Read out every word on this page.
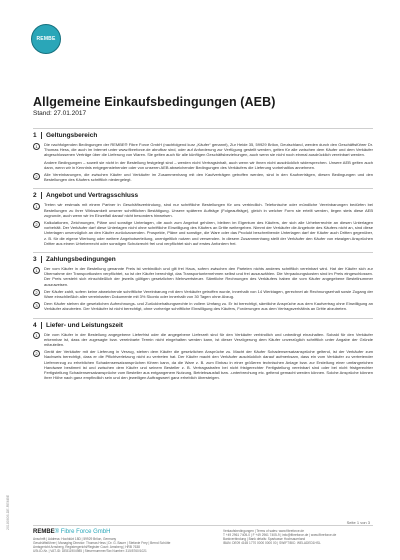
REMBE
20180606-DE-REMBE
Allgemeine Einkaufsbedingungen (AEB)
Stand: 27.01.2017
1	Geltungsbereich
1	Die nachfolgenden Bedingungen der REMBE® Fibre Force GmbH (nachfolgend kurz „Käufer“ genannt), Zur Heide 35, 59929 Brilon, Deutschland, werden durch den Geschäftsführer Dr. Thomas Hess, die auch im Internet unter www.fibreforce.de abrufbar sind, oder auf Anforderung zur Verfügung gestellt werden, gelten für alle zwischen dem Käufer und dem Verkäufer abgeschlossenen Verträge über die Lieferung von Waren. Sie gelten auch für alle künftigen Geschäftsbeziehungen, auch wenn sie nicht noch einmal ausdrücklich vereinbart werden.
Andere Bedingungen – soweit sie nicht in der Bestellung festgelegt sind – werden nicht Vertragsinhalt, auch wenn wir ihnen nicht ausdrücklich widersprechen. Unsere AEB gelten auch dann, wenn wir in Kenntnis entgegenstehender oder von unseren AEB abweichender Bedingungen des Verkäufers die Lieferung vorbehaltlos annehmen.
2	Alle Vereinbarungen, die zwischen Käufer und Verkäufer im Zusammenhang mit den Kaufverträgen getroffen werden, sind in den Kaufverträgen, diesen Bedingungen und den Bestellungen des Käufers schriftlich niedergelegt.
2	Angebot und Vertragsschluss
1	Treten wir erstmals mit einem Partner in Geschäftsverbindung, sind nur schriftliche Bestellungen für uns verbindlich. Telefonische oder mündliche Vereinbarungen bedürfen bei Bestellungen zu ihrer Wirksamkeit unserer schriftlichen Bestätigung. Unsere späteren Aufträge (Folgeaufträge), gleich in welcher Form sie erteilt werden, liegen stets diese AEB zugrunde, auch wenn wir im Einzelfall darauf nicht besonders hinweisen.
2	Kalkulationen, Zeichnungen, Pläne und sonstige Unterlagen, die auch zum Angebot gehören, bleiben im Eigentum des Käufers, der sich alle Urheberrechte an diesen Unterlagen vorbehält. Der Verkäufer darf diese Unterlagen nicht ohne schriftliche Einwilligung des Käufers an Dritte weitergeben. Nimmt der Verkäufer die Angebote des Käufers nicht an, sind diese Unterlagen unverzüglich an den Käufer zurückzusenden. Prospekte, Pläne und sonstige, die Ware oder das Produkt beschreibende Unterlagen darf der Käufer auch Dritten gegenüber, z. B. für die eigene Werbung oder weitere Angebotserteilung, unentgeltlich nutzen und verwenden. In diesem Zusammenhang stellt der Verkäufer den Käufer von etwaigen Ansprüchen Dritter aus einem Urheberrecht oder sonstigen Schutzrecht frei und verpflichtet sich auf erstes Anfordern frei.
3	Zahlungsbedingungen
1	Der vom Käufer in der Bestellung genannte Preis ist verbindlich und gilt frei Haus, sofern zwischen den Parteien nichts anderes schriftlich vereinbart wird. Hat der Käufer sich zur Übernahme der Transportkosten verpflichtet, so ist der Käufer berechtigt, das Transportunternehmen selbst und frei auszuwählen. Die Verpackungskosten sind im Preis eingeschlossen. Der Preis versteht sich einschließlich der jeweils gültigen gesetzlichen Mehrwertsteuer. Sämtliche Rechnungen des Verkäufers haben die vom Käufer angegebene Bestellnummer auszuweisen.
2	Der Käufer zahlt, sofern keine abweichende schriftliche Vereinbarung mit dem Verkäufer getroffen wurde, innerhalb von 14 Werktagen, gerechnet ab Rechnungserhalt sowie Zugang der Ware einschließlich aller vereinbarten Dokumente mit 3% Skonto oder innerhalb von 30 Tagen ohne Abzug.
3	Dem Käufer stehen die gesetzlichen Aufrechnungs- und Zurückbehaltungsrechte in vollem Umfang zu. Er ist berechtigt, sämtliche Ansprüche aus dem Kaufvertrag ohne Einwilligung an Verkäufer abzutreten. Der Verkäufer ist nicht berechtigt, ohne vorherige schriftliche Einwilligung des Käufers, Forderungen aus dem Vertragsverhältnis an Dritte abzutreten.
4	Liefer- und Leistungszeit
1	Die vom Käufer in der Bestellung angegebene Lieferfrist oder die angegebene Lieferzeit sind für den Verkäufer verbindlich und unbedingt einzuhalten. Sobald für den Verkäufer erkennbar ist, dass der zugesagte bzw. vereinbarte Termin nicht eingehalten werden kann, ist dieser Verzögerung dem Käufer unverzüglich schriftlich unter Angabe der Gründe mitzuteilen.
2	Gerät der Verkäufer mit der Lieferung in Verzug, stehen dem Käufer die gesetzlichen Ansprüche zu. Macht der Käufer Schadensersatzansprüche geltend, ist der Verkäufer zum Nachweis berechtigt, dass er die Pflichtverletzung nicht zu vertreten hat. Der Käufer macht den Verkäufer ausdrücklich darauf aufmerksam, dass ein vom Verkäufer zu vertretender Lieferverzug zu erheblichen Schadensersatzansprüchen führen kann, da die Ware z. B. zum Einbau in einer größeren technischen Anlage bzw. zur Erstellung einer umfangreichen Handware bestimmt ist und zwischen dem Käufer und seinem Besteller z. B. Vertragsstrafen bei nicht fristgerechter Fertigstellung vereinbart sind oder bei nicht fristgerechter Fertigstellung Schadensersatzansprüche vom Besteller aus entgangenem Nutzung, Betriebsausfall bzw. -unterbrechung etc. geltend gemacht werden können. Solche Ansprüche können ihrer Höhe nach ganz empfindlich sein und den jeweiligen Auftragswert ganz erheblich übersteigen.
Seite 1 von 3
REMBE® Fibre Force GmbH
Anschrift | Address: Hochkürt 18D | 59929 Brilon, Germany
Geschäftsführer | Managing Director: Thomas Hess | Dr. G. Bauer | Stefanie Frey | Bernd Schütte
Amtsgericht Arnsberg, Registergericht/Register Court: Arnsberg | HRB 7638
USt-ID-Nr. | VAT-ID: DE811904985 | Steuernummer/Tax Number: 315/5760/1021
Verkaufsbedingungen | Terms of sales: www.fibreforce.de
T +49 2961 7405-0 | F +49 2961 7405-9 | info@fibreforce.de | www.fibreforce.de
Bankverbindung | Bank details: Sparkasse Hochsauerland
IBAN: DE09 4165 1770 0000 0000 00 | SWIFT/BIC: WELADED1HSL
